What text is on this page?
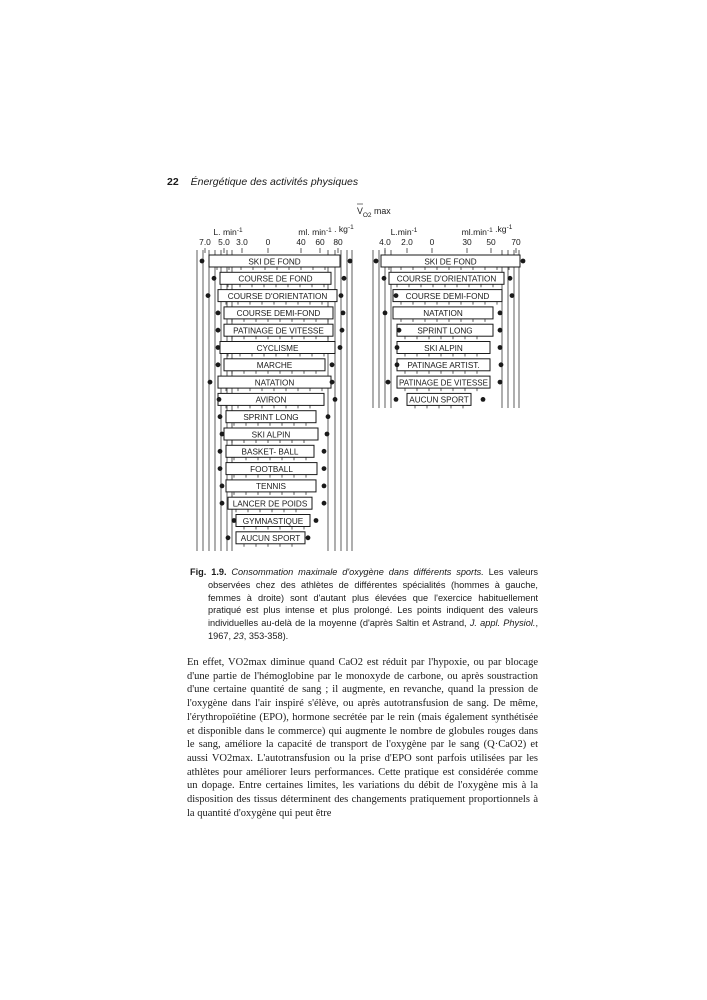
22 Énergétique des activités physiques
$V_{O2}$ max
L. $\min^{-1}$	ml. $\min^{-1}$ . $kg^{-1}$
7.0 5.0 3.0 0	40 60 80
SKI DE FOND
COURSE DE FOND
COURSE D'ORIENTATION
COURSE DEMI-FOND
PATINAGE DE VITESSE
CYCLISME
MARCHE
NATATION
AVIRON
SPRINT LONG
SKI ALPIN
BASKET- BALL
FOOTBALL
TENNIS
LANCER DE POIDS
GYMNASTIQUE
AUCUN SPORT
$L.\min^{-1}$	$ml.\min^{-1}$ $.kg^{-1}$
4.0 2.0 0	30 50 70
SKI DE FOND
COURSE D'ORIENTATION
COURSE DEMI-FOND
NATATION
SPRINT LONG
SKI ALPIN
PATINAGE ARTIST.
PATINAGE DE VITESSE
AUCUN SPORT

Fig. 1.9. Consommation maximale d'oxygène dans différents sports. Les valeurs observées chez des athlètes de différentes spécialités (hommes à gauche, femmes à droite) sont d'autant plus élevées que l'exercice habituellement pratiqué est plus intense et plus prolongé. Les points indiquent des valeurs individuelles au-delà de la moyenne (d'après Saltin et Astrand, J. appl. Physiol., 1967, 23, 353-358).

En effet, VO2max diminue quand CaO2 est réduit par l'hypoxie, ou par blocage d'une partie de l'hémoglobine par le monoxyde de carbone, ou après soustraction d'une certaine quantité de sang ; il augmente, en revanche, quand la pression de l'oxygène dans l'air inspiré s'élève, ou après autotransfusion de sang. De même, l'érythropoïétine (EPO), hormone secrétée par le rein (mais également synthétisée et disponible dans le commerce) qui augmente le nombre de globules rouges dans le sang, améliore la capacité de transport de l'oxygène par le sang (Q·CaO2) et aussi VO2max. L'autotransfusion ou la prise d'EPO sont parfois utilisées par les athlètes pour améliorer leurs performances. Cette pratique est considérée comme un dopage. Entre certaines limites, les variations du débit de l'oxygène mis à la disposition des tissus déterminent des changements pratiquement proportionnels à la quantité d'oxygène qui peut être
